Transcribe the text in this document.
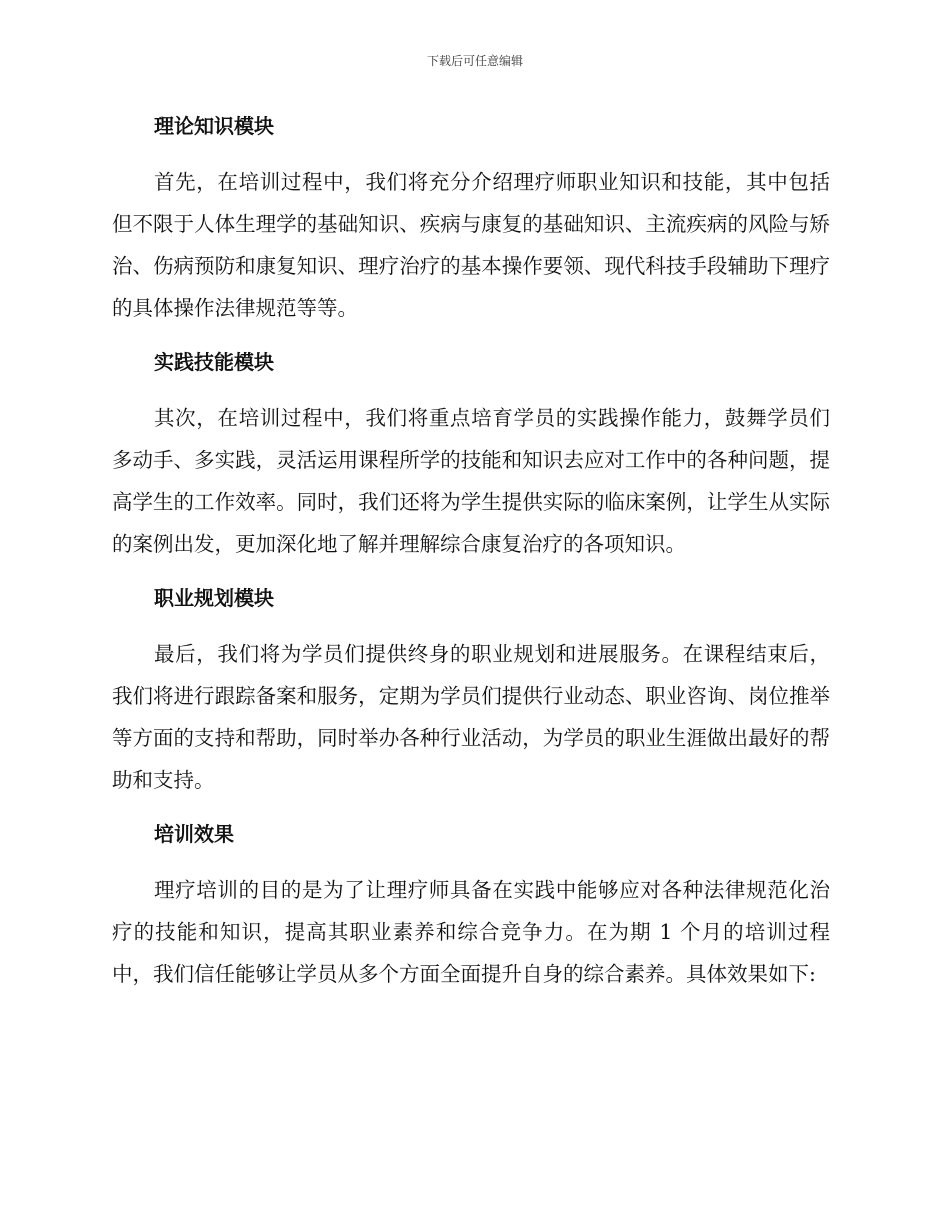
下载后可任意编辑
理论知识模块

首先，在培训过程中，我们将充分介绍理疗师职业知识和技能，其中包括但不限于人体生理学的基础知识、疾病与康复的基础知识、主流疾病的风险与矫治、伤病预防和康复知识、理疗治疗的基本操作要领、现代科技手段辅助下理疗的具体操作法律规范等等。

实践技能模块

其次，在培训过程中，我们将重点培育学员的实践操作能力，鼓舞学员们多动手、多实践，灵活运用课程所学的技能和知识去应对工作中的各种问题，提高学生的工作效率。同时，我们还将为学生提供实际的临床案例，让学生从实际的案例出发，更加深化地了解并理解综合康复治疗的各项知识。

职业规划模块

最后，我们将为学员们提供终身的职业规划和进展服务。在课程结束后，我们将进行跟踪备案和服务，定期为学员们提供行业动态、职业咨询、岗位推举等方面的支持和帮助，同时举办各种行业活动，为学员的职业生涯做出最好的帮助和支持。

培训效果

理疗培训的目的是为了让理疗师具备在实践中能够应对各种法律规范化治疗的技能和知识，提高其职业素养和综合竞争力。在为期 1 个月的培训过程中，我们信任能够让学员从多个方面全面提升自身的综合素养。具体效果如下:
